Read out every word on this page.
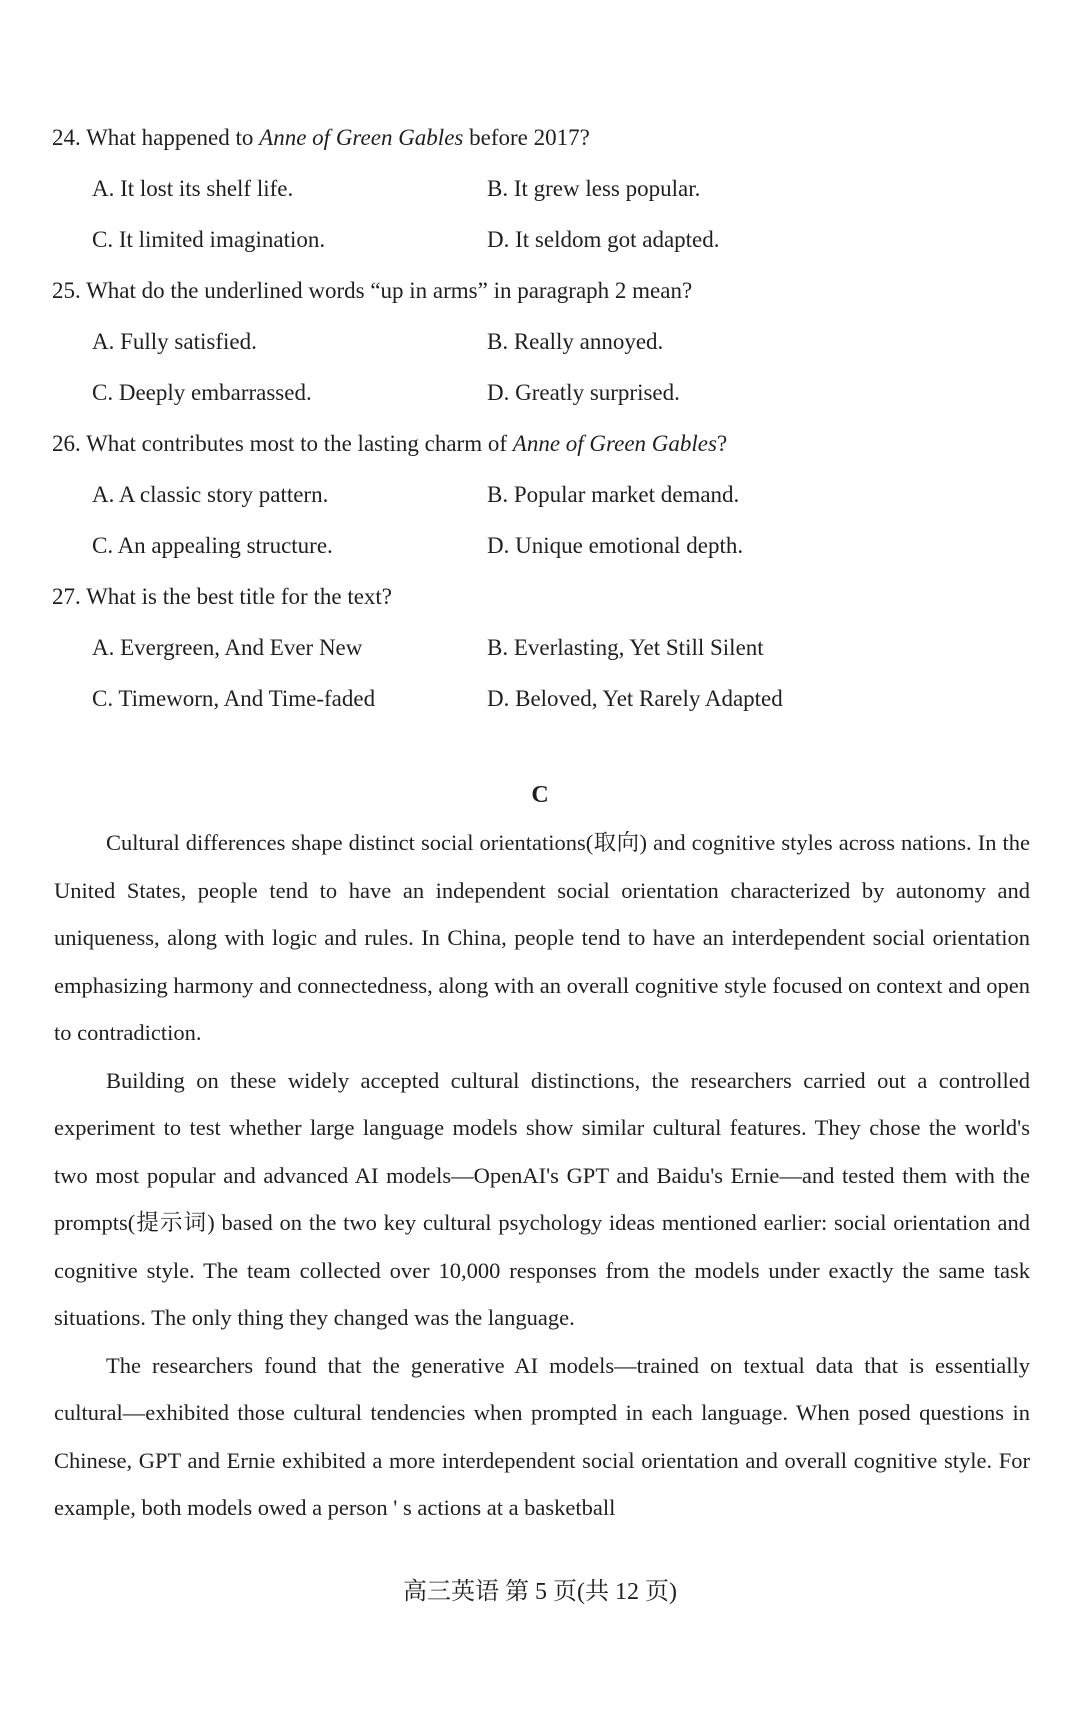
24. What happened to Anne of Green Gables before 2017?
A. It lost its shelf life.	B. It grew less popular.
C. It limited imagination.	D. It seldom got adapted.
25. What do the underlined words “up in arms” in paragraph 2 mean?
A. Fully satisfied.	B. Really annoyed.
C. Deeply embarrassed.	D. Greatly surprised.
26. What contributes most to the lasting charm of Anne of Green Gables?
A. A classic story pattern.	B. Popular market demand.
C. An appealing structure.	D. Unique emotional depth.
27. What is the best title for the text?
A. Evergreen, And Ever New	B. Everlasting, Yet Still Silent
C. Timeworn, And Time-faded	D. Beloved, Yet Rarely Adapted
C

Cultural differences shape distinct social orientations(取向) and cognitive styles across nations. In the United States, people tend to have an independent social orientation characterized by autonomy and uniqueness, along with logic and rules. In China, people tend to have an interdependent social orientation emphasizing harmony and connectedness, along with an overall cognitive style focused on context and open to contradiction.

Building on these widely accepted cultural distinctions, the researchers carried out a controlled experiment to test whether large language models show similar cultural features. They chose the world's two most popular and advanced AI models—OpenAI's GPT and Baidu's Ernie—and tested them with the prompts(提示词) based on the two key cultural psychology ideas mentioned earlier: social orientation and cognitive style. The team collected over 10,000 responses from the models under exactly the same task situations. The only thing they changed was the language.

The researchers found that the generative AI models—trained on textual data that is essentially cultural—exhibited those cultural tendencies when prompted in each language. When posed questions in Chinese, GPT and Ernie exhibited a more interdependent social orientation and overall cognitive style. For example, both models owed a person ' s actions at a basketball

高三英语 第 5 页(共 12 页)
